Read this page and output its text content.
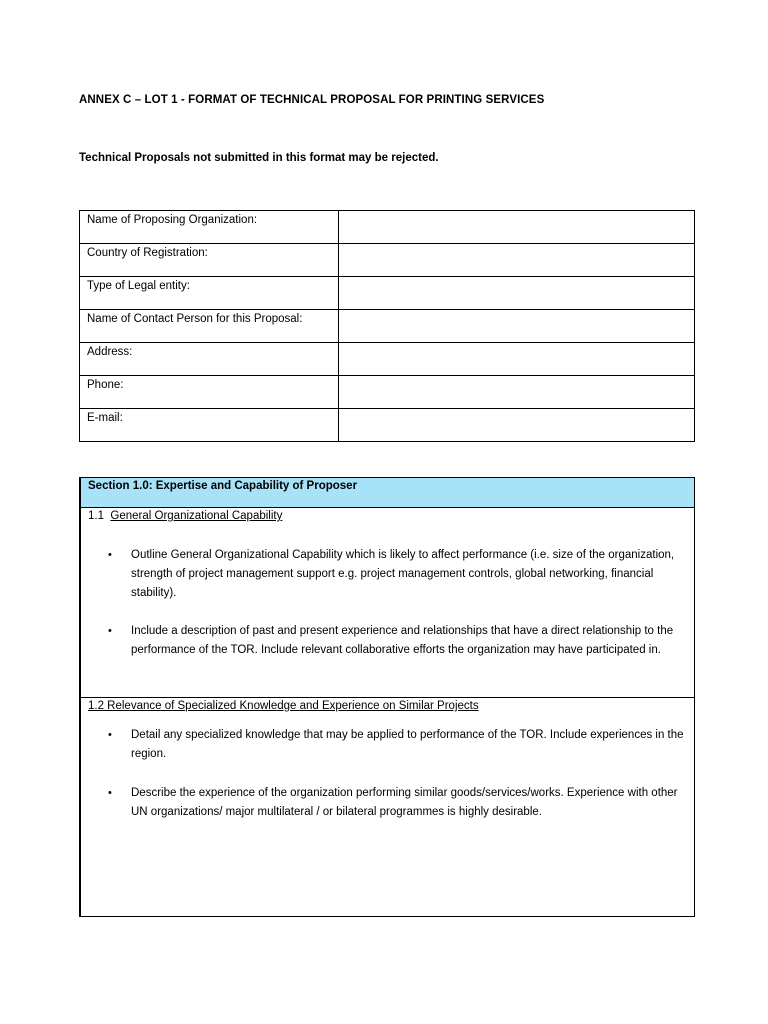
ANNEX C – LOT 1 - FORMAT OF TECHNICAL PROPOSAL FOR PRINTING SERVICES
Technical Proposals not submitted in this format may be rejected.
Name of Proposing Organization:	
Country of Registration:	
Type of Legal entity:	
Name of Contact Person for this Proposal:	
Address:	
Phone:	
E-mail:	
Section 1.0: Expertise and Capability of Proposer
1.1 General Organizational Capability
• Outline General Organizational Capability which is likely to affect performance (i.e. size of the organization, strength of project management support e.g. project management controls, global networking, financial stability).
• Include a description of past and present experience and relationships that have a direct relationship to the performance of the TOR. Include relevant collaborative efforts the organization may have participated in.
1.2 Relevance of Specialized Knowledge and Experience on Similar Projects
• Detail any specialized knowledge that may be applied to performance of the TOR. Include experiences in the region.
• Describe the experience of the organization performing similar goods/services/works. Experience with other UN organizations/ major multilateral / or bilateral programmes is highly desirable.
